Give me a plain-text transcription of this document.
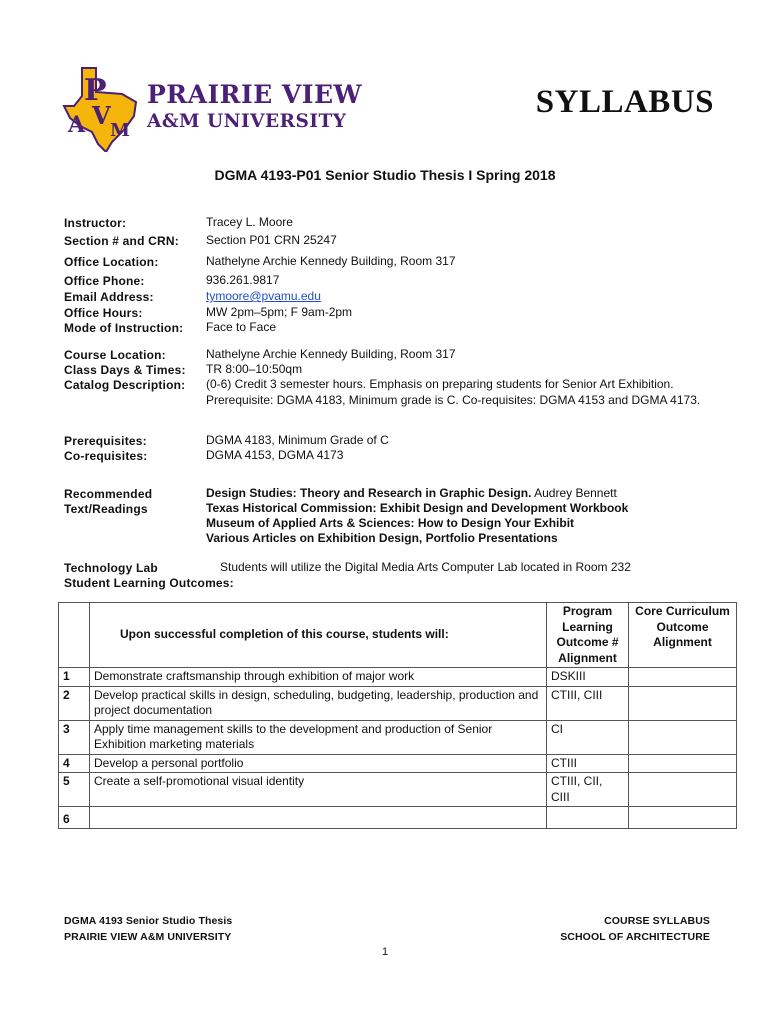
P
A V
M
PRAIRIE VIEW
A&M UNIVERSITY
SYLLABUS
DGMA 4193-P01 Senior Studio Thesis I Spring 2018
Instructor:	Tracey L. Moore
Section # and CRN: Section P01 CRN 25247
Office Location:	Nathelyne Archie Kennedy Building, Room 317
Office Phone:	936.261.9817
Email Address:	tymoore@pvamu.edu
Office Hours:	MW 2pm–5pm; F 9am-2pm
Mode of Instruction: Face to Face
Course Location:	Nathelyne Archie Kennedy Building, Room 317
Class Days & Times: TR 8:00–10:50qm
Catalog Description: (0-6) Credit 3 semester hours. Emphasis on preparing students for Senior Art Exhibition. Prerequisite: DGMA 4183, Minimum grade is C. Co-requisites: DGMA 4153 and DGMA 4173.
Prerequisites:	DGMA 4183, Minimum Grade of C
Co-requisites:	DGMA 4153, DGMA 4173
Recommended
Text/Readings
Design Studies: Theory and Research in Graphic Design. Audrey Bennett
Texas Historical Commission: Exhibit Design and Development Workbook
Museum of Applied Arts & Sciences: How to Design Your Exhibit
Various Articles on Exhibition Design, Portfolio Presentations
Technology Lab	Students will utilize the Digital Media Arts Computer Lab located in Room 232
Student Learning Outcomes:
	Upon successful completion of this course, students will:	Program Learning Outcome # Alignment	Core Curriculum Outcome Alignment
1	Demonstrate craftsmanship through exhibition of major work	DSKIII	
2	Develop practical skills in design, scheduling, budgeting, leadership, production and project documentation	CTIII, CIII	
3	Apply time management skills to the development and production of Senior Exhibition marketing materials	CI	
4	Develop a personal portfolio	CTIII	
5	Create a self-promotional visual identity	CTIII, CII, CIII	
6			
DGMA 4193 Senior Studio Thesis
PRAIRIE VIEW A&M UNIVERSITY
COURSE SYLLABUS
SCHOOL OF ARCHITECTURE
1
